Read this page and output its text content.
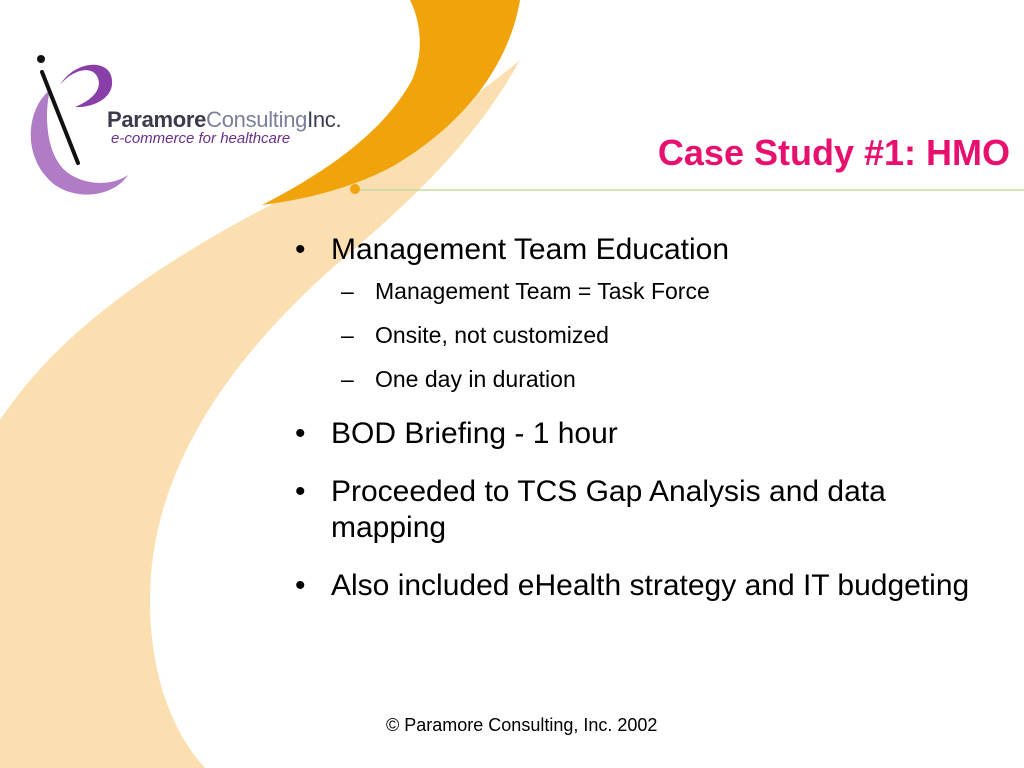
ParamoreConsultingInc.
e-commerce for healthcare	Case Study #1: HMO
• Management Team Education
– Management Team = Task Force
– Onsite, not customized
– One day in duration
• BOD Briefing - 1 hour
• Proceeded to TCS Gap Analysis and data mapping
• Also included eHealth strategy and IT budgeting
© Paramore Consulting, Inc. 2002
